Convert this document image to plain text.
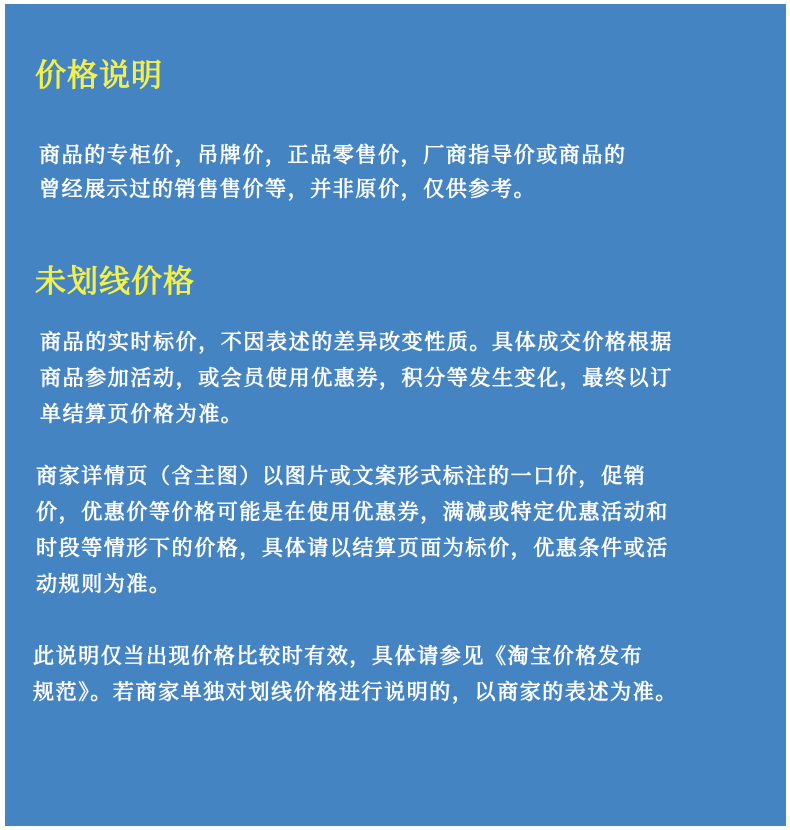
价格说明
商品的专柜价，吊牌价，正品零售价，厂商指导价或商品的
曾经展示过的销售售价等，并非原价，仅供参考。
未划线价格
商品的实时标价，不因表述的差异改变性质。具体成交价格根据
商品参加活动，或会员使用优惠券，积分等发生变化，最终以订
单结算页价格为准。
商家详情页（含主图）以图片或文案形式标注的一口价，促销
价，优惠价等价格可能是在使用优惠券，满减或特定优惠活动和
时段等情形下的价格，具体请以结算页面为标价，优惠条件或活
动规则为准。
此说明仅当出现价格比较时有效，具体请参见《淘宝价格发布
规范》。若商家单独对划线价格进行说明的，以商家的表述为准。
